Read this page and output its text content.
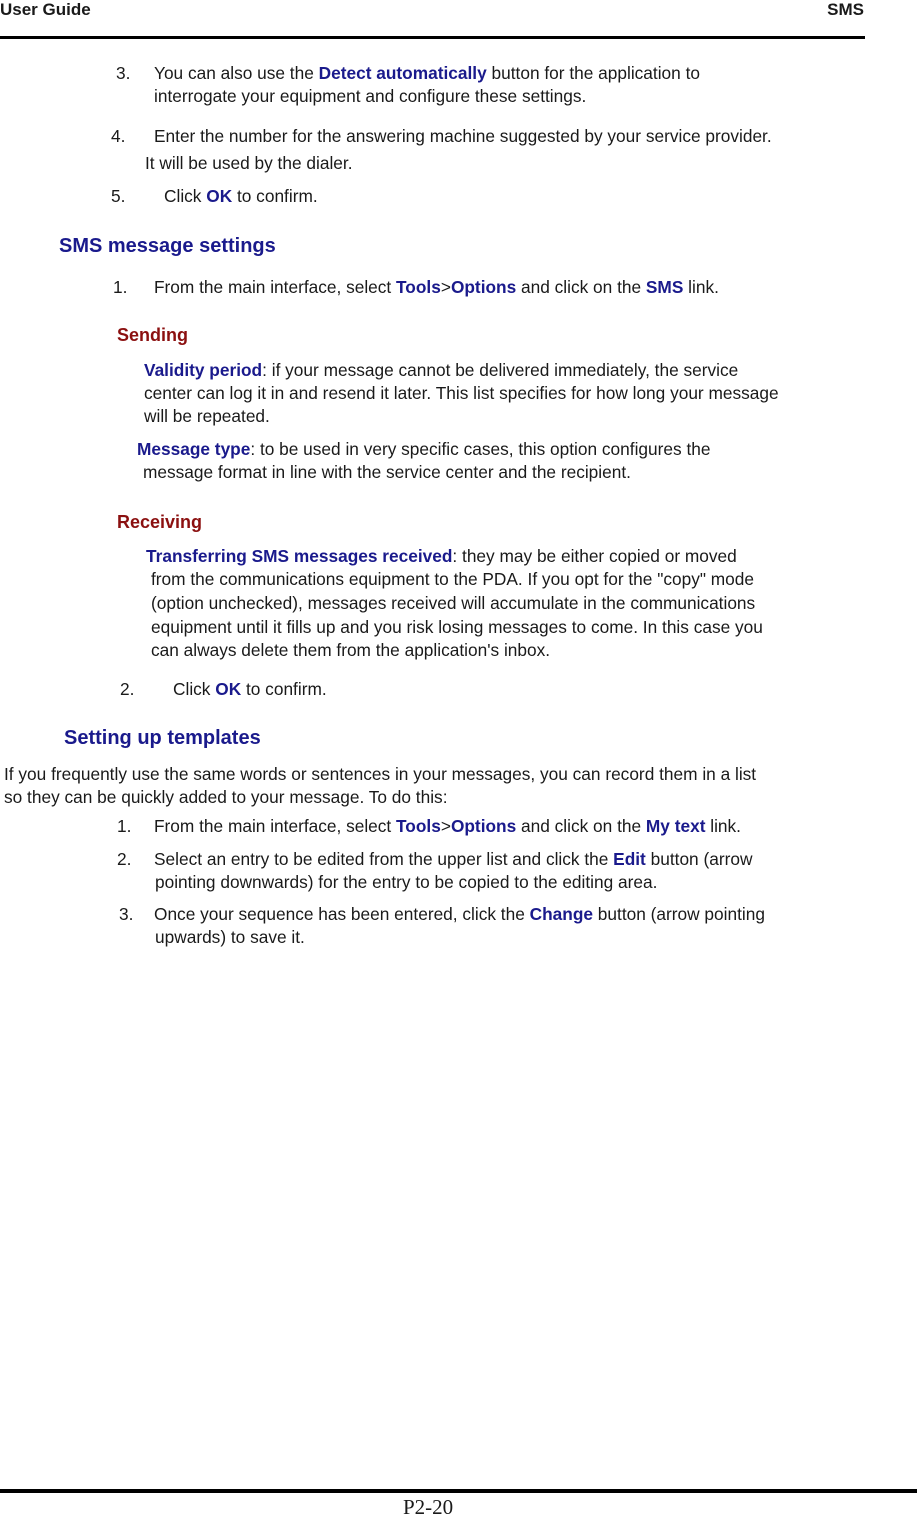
User Guide	SMS
3. You can also use the Detect automatically button for the application to
interrogate your equipment and configure these settings.
4. Enter the number for the answering machine suggested by your service provider.
It will be used by the dialer.
5. Click OK to confirm.
SMS message settings
1. From the main interface, select Tools>Options and click on the SMS link.
Sending
Validity period: if your message cannot be delivered immediately, the service
center can log it in and resend it later. This list specifies for how long your message
will be repeated.
Message type: to be used in very specific cases, this option configures the
message format in line with the service center and the recipient.
Receiving
Transferring SMS messages received: they may be either copied or moved
from the communications equipment to the PDA. If you opt for the "copy" mode
(option unchecked), messages received will accumulate in the communications
equipment until it fills up and you risk losing messages to come. In this case you
can always delete them from the application's inbox.
2. Click OK to confirm.
Setting up templates
If you frequently use the same words or sentences in your messages, you can record them in a list
so they can be quickly added to your message. To do this:
1. From the main interface, select Tools>Options and click on the My text link.
2. Select an entry to be edited from the upper list and click the Edit button (arrow
pointing downwards) for the entry to be copied to the editing area.
3. Once your sequence has been entered, click the Change button (arrow pointing
upwards) to save it.
P2-20
